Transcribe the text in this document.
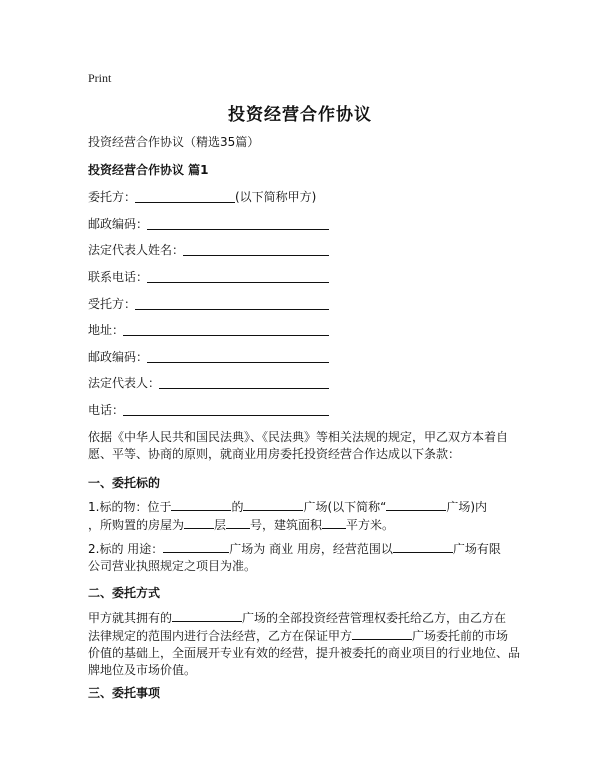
Print
投资经营合作协议
投资经营合作协议（精选35篇）
投资经营合作协议 篇1
委托方：	(以下简称甲方)
邮政编码：
法定代表人姓名：
联系电话：
受托方：
地址：
邮政编码：
法定代表人：
电话：
依据《中华人民共和国民法典》、《民法典》等相关法规的规定，甲乙双方本着自
愿、平等、协商的原则，就商业用房委托投资经营合作达成以下条款：
一、委托标的
1.标的物：位于	的	广场(以下简称“	广场)内
，所购置的房屋为	层 号，建筑面积 平方米。
2.标的 用途：	广场为 商业 用房，经营范围以	广场有限
公司营业执照规定之项目为准。
二、委托方式
甲方就其拥有的	广场的全部投资经营管理权委托给乙方，由乙方在
法律规定的范围内进行合法经营，乙方在保证甲方	广场委托前的市场
价值的基础上，全面展开专业有效的经营，提升被委托的商业项目的行业地位、品
牌地位及市场价值。
三、委托事项
